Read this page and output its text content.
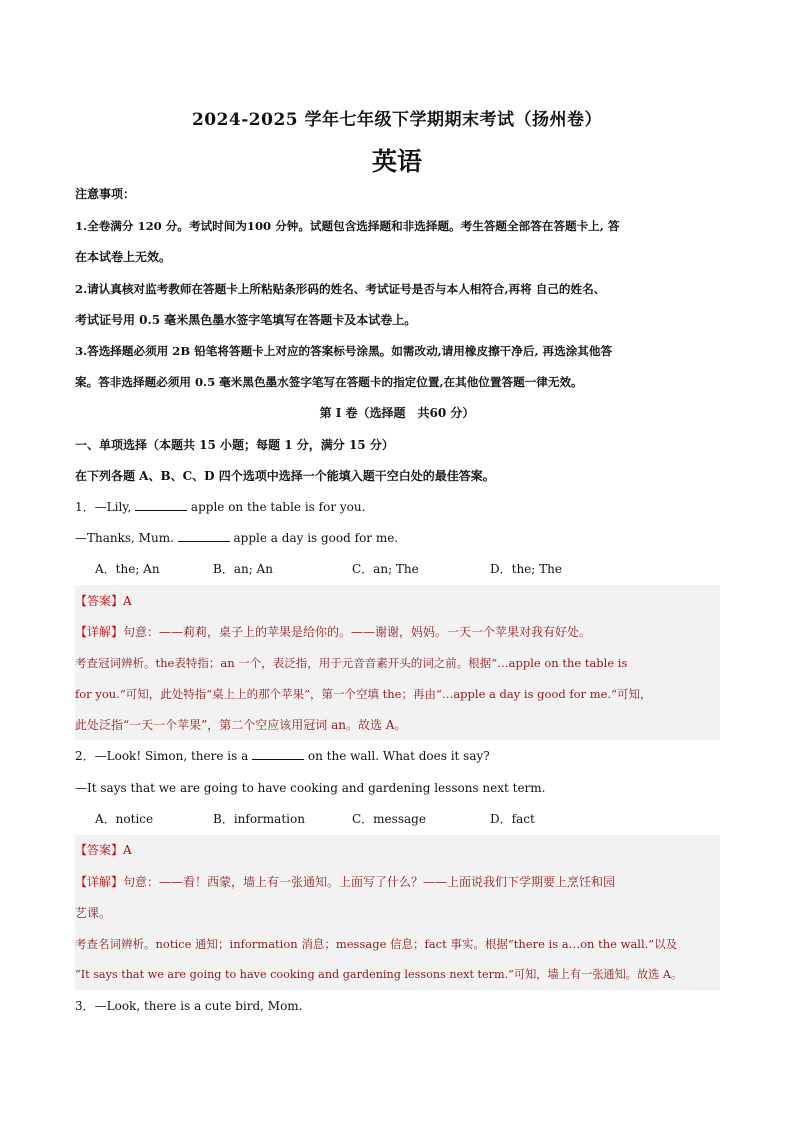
2024-2025 学年七年级下学期期末考试（扬州卷）
英语
注意事项：
1.全卷满分 120 分。考试时间为100 分钟。试题包含选择题和非选择题。考生答题全部答在答题卡上, 答
在本试卷上无效。
2.请认真核对监考教师在答题卡上所粘贴条形码的姓名、考试证号是否与本人相符合,再将 自己的姓名、
考试证号用 0.5 毫米黑色墨水签字笔填写在答题卡及本试卷上。
3.答选择题必须用 2B 铅笔将答题卡上对应的答案标号涂黑。如需改动,请用橡皮擦干净后, 再选涂其他答
案。答非选择题必须用 0.5 毫米黑色墨水签字笔写在答题卡的指定位置,在其他位置答题一律无效。
第 I 卷（选择题　共60 分）
一、单项选择（本题共 15 小题；每题 1 分，满分 15 分）
在下列各题 A、B、C、D 四个选项中选择一个能填入题干空白处的最佳答案。
1．—Lily,	apple on the table is for you.
—Thanks, Mum.	apple a day is good for me.
A．the; An	B．an; An	C．an; The	D．the; The
【答案】A
【详解】句意：——莉莉，桌子上的苹果是给你的。——谢谢，妈妈。一天一个苹果对我有好处。
考查冠词辨析。the表特指；an 一个，表泛指，用于元音音素开头的词之前。根据“…apple on the table is
for you.”可知，此处特指“桌上上的那个苹果”，第一个空填 the；再由“…apple a day is good for me.”可知，
此处泛指“一天一个苹果”，第二个空应该用冠词 an。故选 A。
2．—Look! Simon, there is a	on the wall. What does it say?
—It says that we are going to have cooking and gardening lessons next term.
A．notice	B．information	C．message	D．fact
【答案】A
【详解】句意：——看！西蒙，墙上有一张通知。上面写了什么？——上面说我们下学期要上烹饪和园
艺课。
考查名词辨析。notice 通知；information 消息；message 信息；fact 事实。根据“there is a…on the wall.”以及
“It says that we are going to have cooking and gardening lessons next term.”可知，墙上有一张通知。故选 A。
3．—Look, there is a cute bird, Mom.
